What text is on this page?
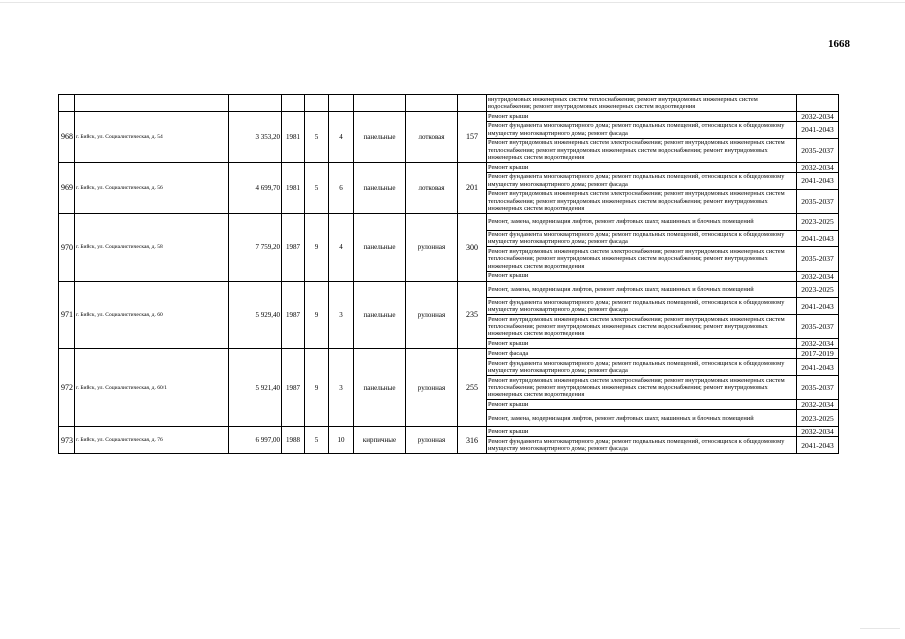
1668
									внутридомовых инженерных систем теплоснабжения; ремонт внутридомовых инженерных систем водоснабжения; ремонт внутридомовых инженерных систем водоотведения	
968	г. Бийск, ул. Социалистическая, д. 54	3 353,20	1981	5	4	панельные	лотковая	157	Ремонт крыши	2032-2034
									Ремонт фундамента многоквартирного дома; ремонт подвальных помещений, относящихся к общедомовому имуществу многоквартирного дома; ремонт фасада	2041-2043
									Ремонт внутридомовых инженерных систем электроснабжения; ремонт внутридомовых инженерных систем теплоснабжения; ремонт внутридомовых инженерных систем водоснабжения; ремонт внутридомовых инженерных систем водоотведения	2035-2037
969	г. Бийск, ул. Социалистическая, д. 56	4 699,70	1981	5	6	панельные	лотковая	201	Ремонт крыши	2032-2034
									Ремонт фундамента многоквартирного дома; ремонт подвальных помещений, относящихся к общедомовому имуществу многоквартирного дома; ремонт фасада	2041-2043
									Ремонт внутридомовых инженерных систем электроснабжения; ремонт внутридомовых инженерных систем теплоснабжения; ремонт внутридомовых инженерных систем водоснабжения; ремонт внутридомовых инженерных систем водоотведения	2035-2037
970	г. Бийск, ул. Социалистическая, д. 58	7 759,20	1987	9	4	панельные	рулонная	300	Ремонт, замена, модернизация лифтов, ремонт лифтовых шахт, машинных и блочных помещений	2023-2025
									Ремонт фундамента многоквартирного дома; ремонт подвальных помещений, относящихся к общедомовому имуществу многоквартирного дома; ремонт фасада	2041-2043
									Ремонт внутридомовых инженерных систем электроснабжения; ремонт внутридомовых инженерных систем теплоснабжения; ремонт внутридомовых инженерных систем водоснабжения; ремонт внутридомовых инженерных систем водоотведения	2035-2037
									Ремонт крыши	2032-2034
971	г. Бийск, ул. Социалистическая, д. 60	5 929,40	1987	9	3	панельные	рулонная	235	Ремонт, замена, модернизация лифтов, ремонт лифтовых шахт, машинных и блочных помещений	2023-2025
									Ремонт фундамента многоквартирного дома; ремонт подвальных помещений, относящихся к общедомовому имуществу многоквартирного дома; ремонт фасада	2041-2043
									Ремонт внутридомовых инженерных систем электроснабжения; ремонт внутридомовых инженерных систем теплоснабжения; ремонт внутридомовых инженерных систем водоснабжения; ремонт внутридомовых инженерных систем водоотведения	2035-2037
									Ремонт крыши	2032-2034
972	г. Бийск, ул. Социалистическая, д. 60/1	5 921,40	1987	9	3	панельные	рулонная	255	Ремонт фасада	2017-2019
									Ремонт фундамента многоквартирного дома; ремонт подвальных помещений, относящихся к общедомовому имуществу многоквартирного дома; ремонт фасада	2041-2043
									Ремонт внутридомовых инженерных систем электроснабжения; ремонт внутридомовых инженерных систем теплоснабжения; ремонт внутридомовых инженерных систем водоснабжения; ремонт внутридомовых инженерных систем водоотведения	2035-2037
									Ремонт крыши	2032-2034
									Ремонт, замена, модернизация лифтов, ремонт лифтовых шахт, машинных и блочных помещений	2023-2025
973	г. Бийск, ул. Социалистическая, д. 76	6 997,00	1988	5	10	кирпичные	рулонная	316	Ремонт крыши	2032-2034
									Ремонт фундамента многоквартирного дома; ремонт подвальных помещений, относящихся к общедомовому имуществу многоквартирного дома; ремонт фасада	2041-2043
